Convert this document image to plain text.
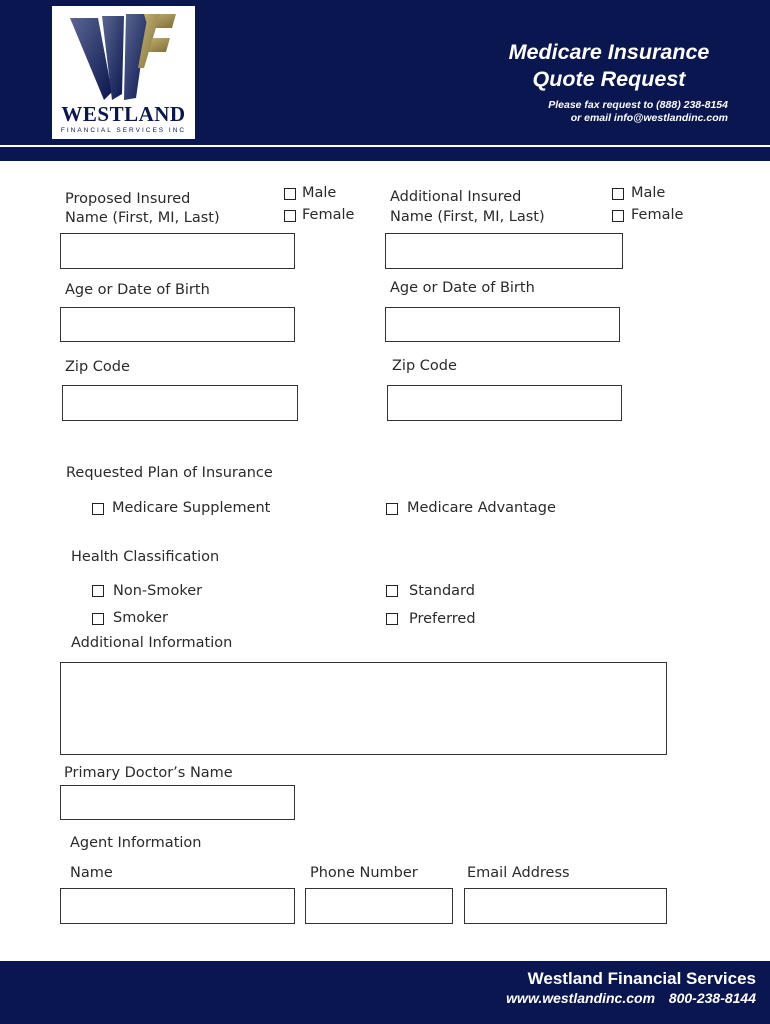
WESTLAND
FINANCIAL SERVICES INC
Medicare Insurance
Quote Request
Please fax request to (888) 238-8154
or email info@westlandinc.com
Proposed Insured
Name (First, MI, Last)
Male
Female
Age or Date of Birth
Zip Code
Additional Insured
Name (First, MI, Last)
Male
Female
Age or Date of Birth
Zip Code
Requested Plan of Insurance
Medicare Supplement	Medicare Advantage
Health Classification
Non-Smoker
Smoker
Standard
Preferred
Additional Information
Primary Doctor’s Name
Agent Information
Name	Phone Number	Email Address
Westland Financial Services
www.westlandinc.com 800-238-8144
